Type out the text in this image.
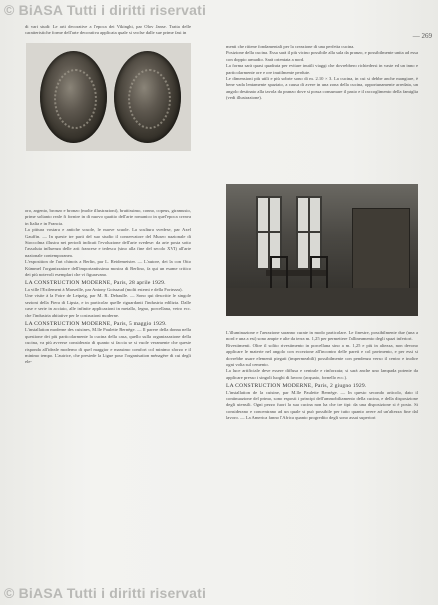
© BiASA Tutti i diritti riservati
— 269

di vari studi: Le arti decorative a l'epoca dei Vikinghi, par Olov Janse. Tratta delle caratteristiche forme dell'arte decorativa applicata quale si svolse dalle sue prime fasi in

oro, argento, bronzo e bronzo (molte illustrazioni), bruttissimo, conno, copeus, giramusio, prime soltanto reale fi fornire in di nuovo quattio dell'arte romanico in quel'epoca creava in Italia e in Francia.

La pittura vostara e antiche scuole, le nuove scuole. La scultura svedese, par Axel Gauffin. — In queste tre parti del suo studio il conservatore del Museo nazionale di Stoccolma illustra nei periodi indicati l'evoluzione dell'arte svedese: da arte posta sotto l'assoluta influenza delle arti francese e tedesca (sino alla fine del secolo XVI) all'arte nazionale contemporanea.

L'exposition de l'art chinois a Berlin, par L. Reidemeister. — L'autore, dei la con Otto Kümmel l'organizzatore dell'importantissima mostra di Berlino, fa qui un esame critico dei più notevoli esemplari che vi figuravano.

LA CONSTRUCTION MODERNE, Paris, 28 aprile 1929.

La ville l'Exilement à Marseille, par Antony Goissaud (molti esterni e della Fortezza).

Une visite à la Foire de Leipzig, par M. R. Dehaulle. — Sono qui descritte le singole sezioni della Fiera di Lipsia, e in particolar quelle riguardanti l'industria edilizia. Dalle case e serie in acciaio, alle infinite applicazioni in metallo, legno, porcellana, vetro ecc. che l'industria abitative per le costruzioni moderne.

LA CONSTRUCTION MODERNE, Paris, 5 maggio 1929.

L'installation moderne des cuisines, M.lle Paulette Bernège. — Il parere della donna nella questione dei più particolarmente la cucina della casa, quello sulla organizzazione della cucina, va più avverse considerato di quanto si faccia se si vuole veramente che queste risponda all'ideale moderno di quel maggior e massimo comfort col minimo sforzo e il minimo tempo. L'autrice, che presiede la Ligue pour l'organisation ménagère di cui degli ele-

menti che ritiene fondamentali per la creazione di una perfetta cucina.

Posizione della cucina. Essa sarà il più vicino possibile alla sala da pranzo, e possibilmente unita ad essa con doppio armadio. Sarà orientata a nord.

La forma sarà quasi quadrata per evitare inutili viaggi che dovrebbero richiedersi in vaste ed un inno e particolarmente ore e ore inutilmente perdute.

Le dimensioni più utili e più sobrie sono di m. 2.10 × 3. La cucina, in cui si debbe anche mangiare, è bene vada lentamente spaziato, a causa di avere in una zona della cucina, opportunamente arredata, un angolo destinato alla tavola da pranzo dove si possa consumare il pasto e il raccoglimento della famiglia (vedi illustrazione).

L'illuminazione e l'aerazione saranno curate in modo particolare. Le finestre, possibilmente due (una a nord e una a est) sono ampie e alte da terra m. 1,25 per permettere l'allineamento degli spazi inferiori.

Rivestimenti. Oltre il solito rivestimento in porcellana sino a m. 1,25 e più in altezza, non devono applicare le materie nel angolo con eccezione all'incontro delle pareti e col pavimento, e per essi si dovrebbe usare elementi piegati (impermeabili) possibilmente con pendenza verso il centro e inoltre ogni volta sul cemento.

La luce artificiale deve essere diffusa e centrale e rinforzata; si sarà anche uno lampada potente da applicare presso i singoli luoghi di lavoro (acquaio, fornello ecc.).

LA CONSTRUCTION MODERNE, Paris, 2 giugno 1929.

L'installation de la cuisine, par M.lle Paulette Bernège. — In questo secondo articolo, dato il continuazione del primo, sono esposti i principi dell'ammobiliamento della cucina, e della disposizione degli utensili. Ogni pezzo fuori la sua cucina non ha che tre tipi: da una disposizione si è posto. Si considerano e concentrano ad un quale si può possibile per tutto quanto avere ad un'altezza fine dal lavoro. — La America fanno l'Africa quanto progredito degli sono assai superiori

© BiASA Tutti i diritti riservati
